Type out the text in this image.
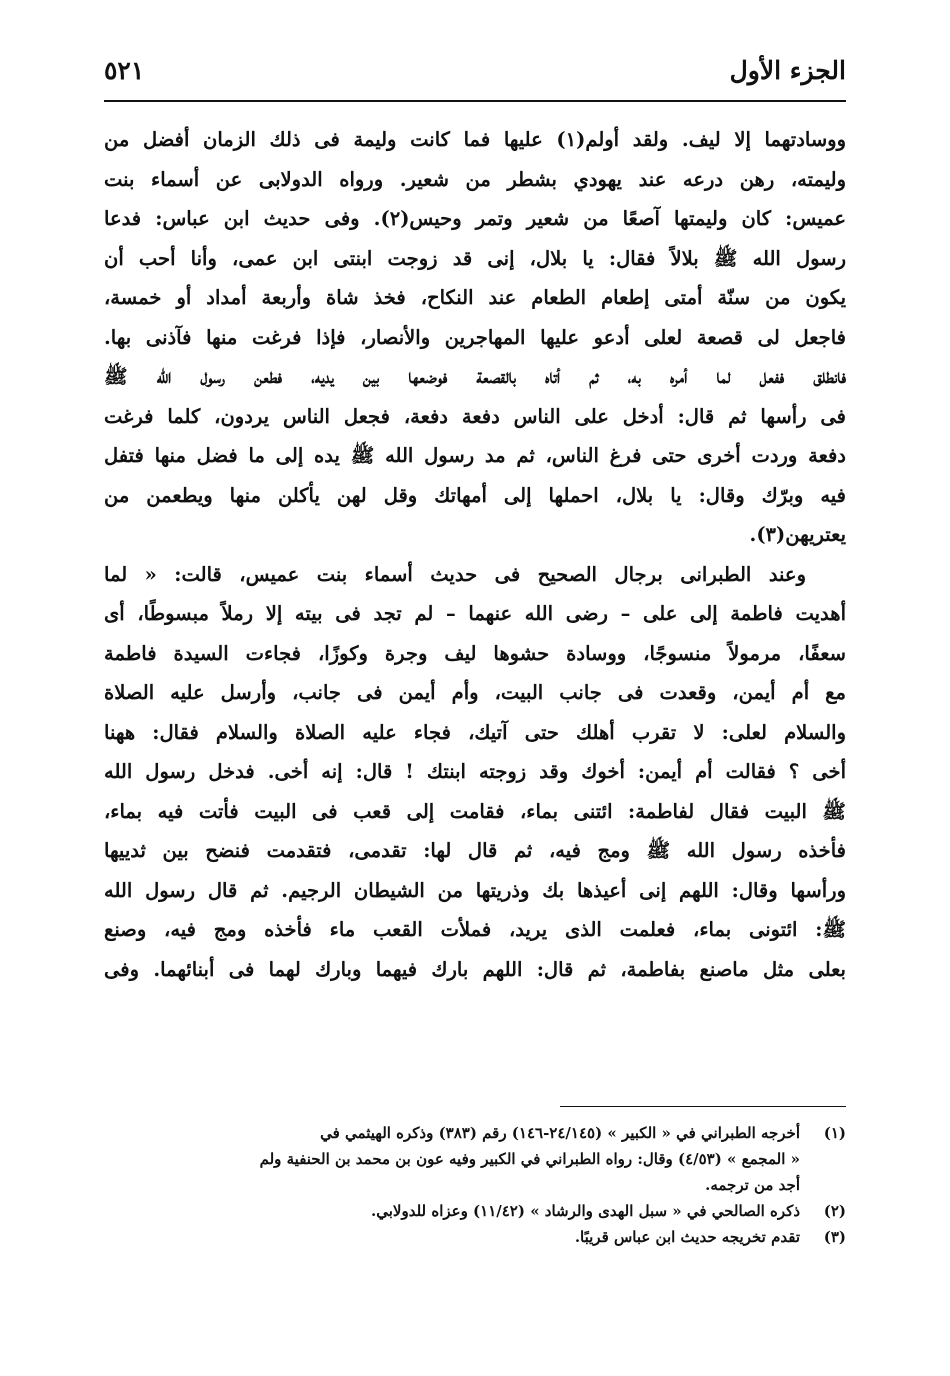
الجزء الأول
٥٢١
ووسادتهما إلا ليف. ولقد أولم(١) عليها فما كانت وليمة فى ذلك الزمان أفضل من
وليمته، رهن درعه عند يهودي بشطر من شعير. ورواه الدولابى عن أسماء بنت
عميس: كان وليمتها آصعًا من شعير وتمر وحيس(٢). وفى حديث ابن عباس: فدعا
رسول الله ﷺ بلالاً فقال: يا بلال، إنى قد زوجت ابنتى ابن عمى، وأنا أحب أن
يكون من سنّة أمتى إطعام الطعام عند النكاح، فخذ شاة وأربعة أمداد أو خمسة،
فاجعل لى قصعة لعلى أدعو عليها المهاجرين والأنصار، فإذا فرغت منها فآذنى بها.
فانطلق ففعل لما أمره به، ثم أتاه بالقصعة فوضعها بين يديه، فطعن رسول الله ﷺ
فى رأسها ثم قال: أدخل على الناس دفعة دفعة، فجعل الناس يردون، كلما فرغت
دفعة وردت أخرى حتى فرغ الناس، ثم مد رسول الله ﷺ يده إلى ما فضل منها فتفل
فيه وبرّك وقال: يا بلال، احملها إلى أمهاتك وقل لهن يأكلن منها ويطعمن من
يعتريهن(٣).
وعند الطبرانى برجال الصحيح فى حديث أسماء بنت عميس، قالت: « لما
أهديت فاطمة إلى على – رضى الله عنهما – لم تجد فى بيته إلا رملاً مبسوطًا، أى
سعفًا، مرمولاً منسوجًا، ووسادة حشوها ليف وجرة وكوزًا، فجاءت السيدة فاطمة
مع أم أيمن، وقعدت فى جانب البيت، وأم أيمن فى جانب، وأرسل عليه الصلاة
والسلام لعلى: لا تقرب أهلك حتى آتيك، فجاء عليه الصلاة والسلام فقال: ههنا
أخى ؟ فقالت أم أيمن: أخوك وقد زوجته ابنتك ! قال: إنه أخى. فدخل رسول الله
ﷺ البيت فقال لفاطمة: ائتنى بماء، فقامت إلى قعب فى البيت فأتت فيه بماء،
فأخذه رسول الله ﷺ ومج فيه، ثم قال لها: تقدمى، فتقدمت فنضح بين ثدييها
ورأسها وقال: اللهم إنى أعيذها بك وذريتها من الشيطان الرجيم. ثم قال رسول الله
ﷺ: ائتونى بماء، فعلمت الذى يريد، فملأت القعب ماء فأخذه ومج فيه، وصنع
بعلى مثل ماصنع بفاطمة، ثم قال: اللهم بارك فيهما وبارك لهما فى أبنائهما. وفى
(١)أخرجه الطبراني في « الكبير » (٢٤/١٤٥-١٤٦) رقم (٣٨٣) وذكره الهيثمي في
« المجمع » (٤/٥٣) وقال: رواه الطبراني في الكبير وفيه عون بن محمد بن الحنفية ولم
أجد من ترجمه.
(٢)ذكره الصالحي في « سبل الهدى والرشاد » (١١/٤٢) وعزاه للدولابي.
(٣)تقدم تخريجه حديث ابن عباس قريبًا.
